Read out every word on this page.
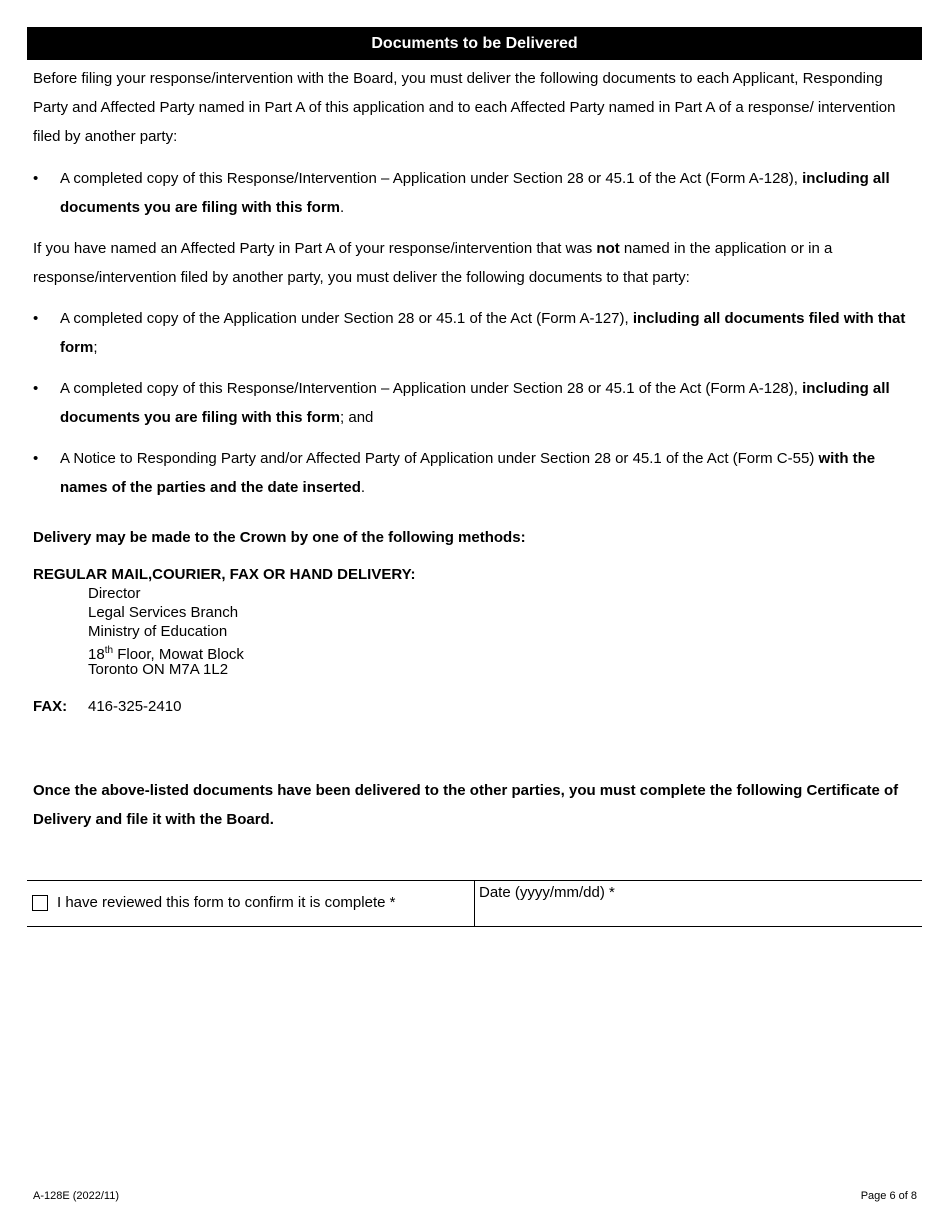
Documents to be Delivered

Before filing your response/intervention with the Board, you must deliver the following documents to each Applicant, Responding Party and Affected Party named in Part A of this application and to each Affected Party named in Part A of a response/ intervention filed by another party:

• A completed copy of this Response/Intervention – Application under Section 28 or 45.1 of the Act (Form A-128), including all documents you are filing with this form.

If you have named an Affected Party in Part A of your response/intervention that was not named in the application or in a response/intervention filed by another party, you must deliver the following documents to that party:

• A completed copy of the Application under Section 28 or 45.1 of the Act (Form A-127), including all documents filed with that form;
• A completed copy of this Response/Intervention – Application under Section 28 or 45.1 of the Act (Form A-128), including all  documents you are filing with this form; and
• A Notice to Responding Party and/or Affected Party of Application under Section 28 or 45.1 of the Act (Form C-55) with the names of the parties and the date inserted.
Delivery may be made to the Crown by one of the following methods:
REGULAR MAIL,COURIER, FAX OR HAND DELIVERY:
Director
Legal Services Branch
Ministry of Education
18th Floor, Mowat Block
Toronto ON M7A 1L2
FAX: 416-325-2410

Once the above-listed documents have been delivered to the other parties, you must complete the following Certificate of Delivery and file it with the Board.

I have reviewed this form to confirm it is complete *
Date (yyyy/mm/dd) *
A-128E (2022/11)	Page 6 of 8
